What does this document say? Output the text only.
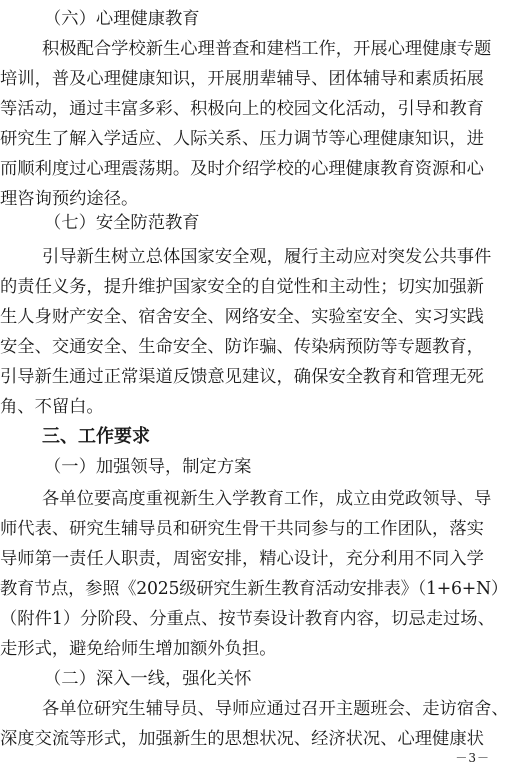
（六）心理健康教育
积极配合学校新生心理普查和建档工作，开展心理健康专题
培训，普及心理健康知识，开展朋辈辅导、团体辅导和素质拓展
等活动，通过丰富多彩、积极向上的校园文化活动，引导和教育
研究生了解入学适应、人际关系、压力调节等心理健康知识，进
而顺利度过心理震荡期。及时介绍学校的心理健康教育资源和心
理咨询预约途径。
（七）安全防范教育
引导新生树立总体国家安全观，履行主动应对突发公共事件
的责任义务，提升维护国家安全的自觉性和主动性；切实加强新
生人身财产安全、宿舍安全、网络安全、实验室安全、实习实践
安全、交通安全、生命安全、防诈骗、传染病预防等专题教育，
引导新生通过正常渠道反馈意见建议，确保安全教育和管理无死
角、不留白。
三、工作要求
（一）加强领导，制定方案
各单位要高度重视新生入学教育工作，成立由党政领导、导
师代表、研究生辅导员和研究生骨干共同参与的工作团队，落实
导师第一责任人职责，周密安排，精心设计，充分利用不同入学
教育节点，参照《2025级研究生新生教育活动安排表》（1+6+N）
（附件1）分阶段、分重点、按节奏设计教育内容，切忌走过场、
走形式，避免给师生增加额外负担。
（二）深入一线，强化关怀
各单位研究生辅导员、导师应通过召开主题班会、走访宿舍、
深度交流等形式，加强新生的思想状况、经济状况、心理健康状
－3－
